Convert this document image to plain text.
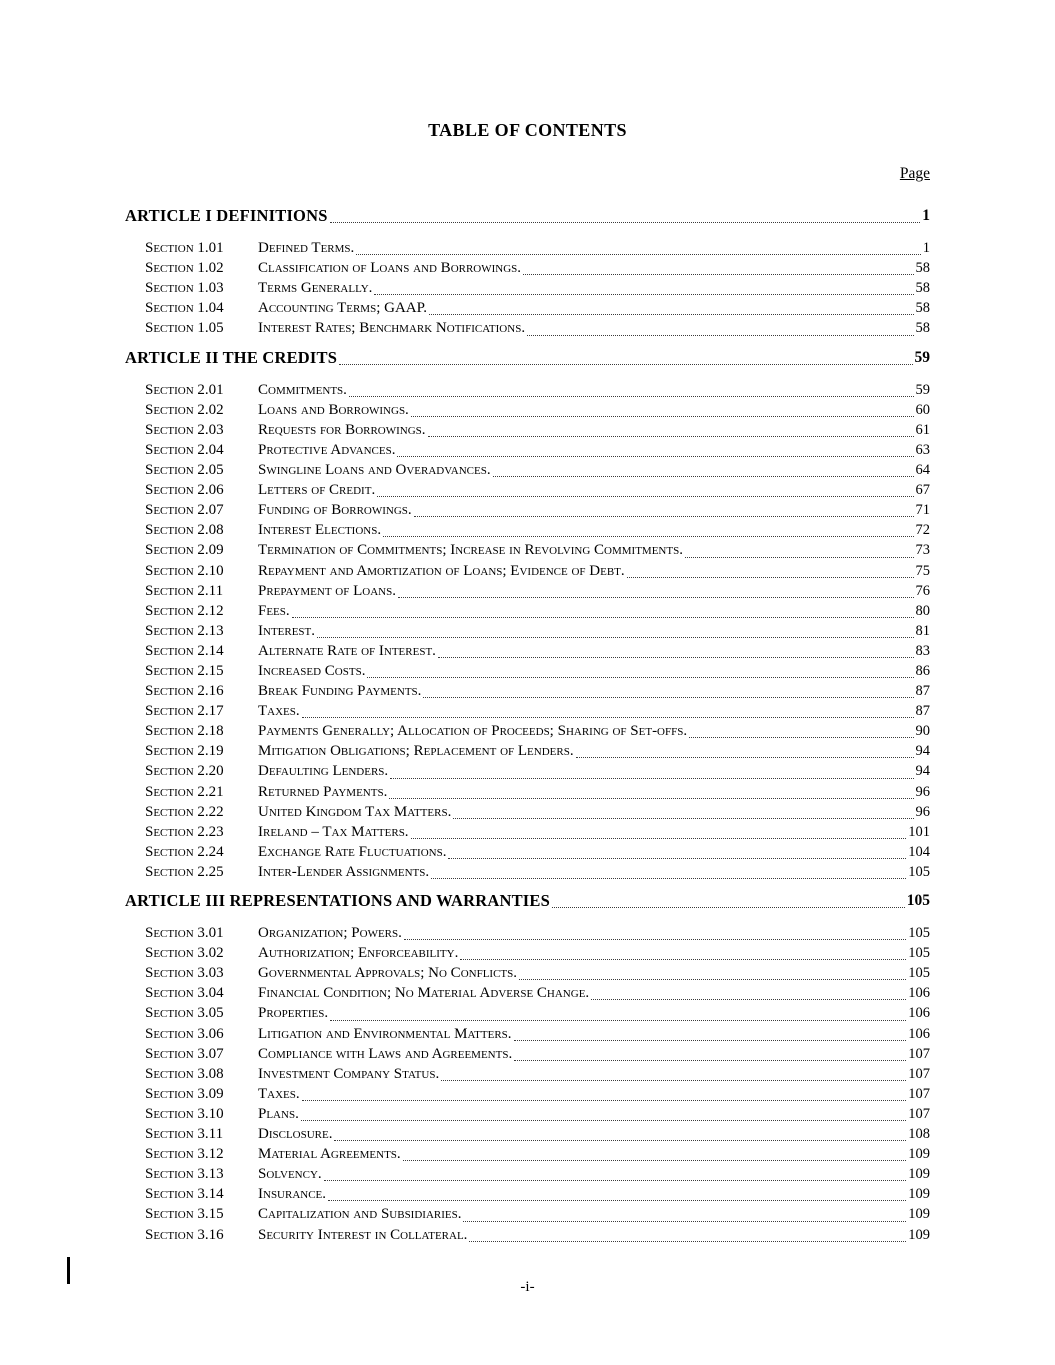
TABLE OF CONTENTS
Page
ARTICLE I DEFINITIONS	1
Section 1.01	Defined Terms.	1
Section 1.02	Classification of Loans and Borrowings.	58
Section 1.03	Terms Generally.	58
Section 1.04	Accounting Terms; GAAP.	58
Section 1.05	Interest Rates; Benchmark Notifications.	58
ARTICLE II THE CREDITS	59
Section 2.01	Commitments.	59
Section 2.02	Loans and Borrowings.	60
Section 2.03	Requests for Borrowings.	61
Section 2.04	Protective Advances.	63
Section 2.05	Swingline Loans and Overadvances.	64
Section 2.06	Letters of Credit.	67
Section 2.07	Funding of Borrowings.	71
Section 2.08	Interest Elections.	72
Section 2.09	Termination of Commitments; Increase in Revolving Commitments.	73
Section 2.10	Repayment and Amortization of Loans; Evidence of Debt.	75
Section 2.11	Prepayment of Loans.	76
Section 2.12	Fees.	80
Section 2.13	Interest.	81
Section 2.14	Alternate Rate of Interest.	83
Section 2.15	Increased Costs.	86
Section 2.16	Break Funding Payments.	87
Section 2.17	Taxes.	87
Section 2.18	Payments Generally; Allocation of Proceeds; Sharing of Set-offs.	90
Section 2.19	Mitigation Obligations; Replacement of Lenders.	94
Section 2.20	Defaulting Lenders.	94
Section 2.21	Returned Payments.	96
Section 2.22	United Kingdom Tax Matters.	96
Section 2.23	Ireland – Tax Matters.	101
Section 2.24	Exchange Rate Fluctuations.	104
Section 2.25	Inter-Lender Assignments.	105
ARTICLE III REPRESENTATIONS AND WARRANTIES	105
Section 3.01	Organization; Powers.	105
Section 3.02	Authorization; Enforceability.	105
Section 3.03	Governmental Approvals; No Conflicts.	105
Section 3.04	Financial Condition; No Material Adverse Change.	106
Section 3.05	Properties.	106
Section 3.06	Litigation and Environmental Matters.	106
Section 3.07	Compliance with Laws and Agreements.	107
Section 3.08	Investment Company Status.	107
Section 3.09	Taxes.	107
Section 3.10	Plans.	107
Section 3.11	Disclosure.	108
Section 3.12	Material Agreements.	109
Section 3.13	Solvency.	109
Section 3.14	Insurance.	109
Section 3.15	Capitalization and Subsidiaries.	109
Section 3.16	Security Interest in Collateral.	109
-i-
